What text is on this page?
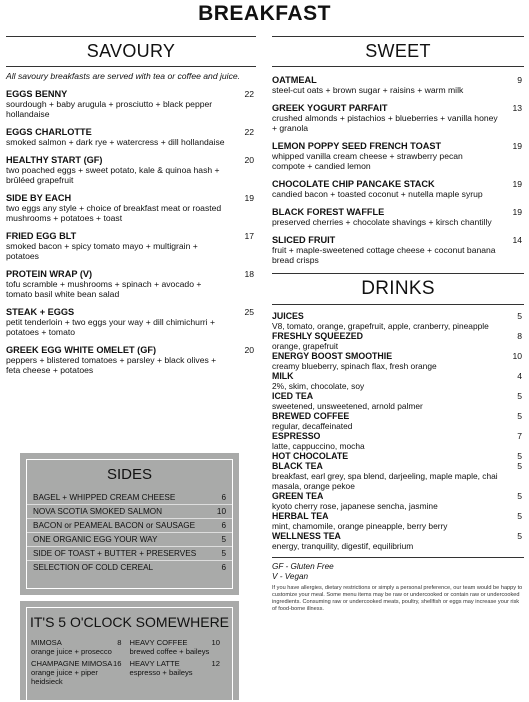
BREAKFAST
SAVOURY
All savoury breakfasts are served with tea or coffee and juice.
EGGS BENNY	22
sourdough + baby arugula + prosciutto + black pepper hollandaise
EGGS CHARLOTTE	22
smoked salmon + dark rye + watercress + dill hollandaise
HEALTHY START (GF)	20
two poached eggs + sweet potato, kale & quinoa hash + brûléed grapefruit
SIDE BY EACH	19
two eggs any style + choice of breakfast meat or roasted mushrooms + potatoes + toast
FRIED EGG BLT	17
smoked bacon + spicy tomato mayo + multigrain + potatoes
PROTEIN WRAP (V)	18
tofu scramble + mushrooms + spinach + avocado + tomato basil white bean salad
STEAK + EGGS	25
petit tenderloin + two eggs your way + dill chimichurri + potatoes + tomato
GREEK EGG WHITE OMELET (GF)	20
peppers + blistered tomatoes + parsley + black olives + feta cheese + potatoes
SIDES
BAGEL + WHIPPED CREAM CHEESE	6
NOVA SCOTIA SMOKED SALMON	10
BACON or PEAMEAL BACON or SAUSAGE	6
ONE ORGANIC EGG YOUR WAY	5
SIDE OF TOAST + BUTTER + PRESERVES	5
SELECTION OF COLD CEREAL	6
IT'S 5 O'CLOCK SOMEWHERE
MIMOSA	8
orange juice + prosecco
CHAMPAGNE MIMOSA 16
orange juice + piper heidsieck
HEAVY COFFEE	10
brewed coffee + baileys
HEAVY LATTE	12
espresso + baileys
SWEET
OATMEAL	9
steel-cut oats + brown sugar + raisins + warm milk
GREEK YOGURT PARFAIT	13
crushed almonds + pistachios + blueberries + vanilla honey + granola
LEMON POPPY SEED FRENCH TOAST	19
whipped vanilla cream cheese + strawberry pecan compote + candied lemon
CHOCOLATE CHIP PANCAKE STACK	19
candied bacon + toasted coconut + nutella maple syrup
BLACK FOREST WAFFLE	19
preserved cherries + chocolate shavings + kirsch chantilly
SLICED FRUIT	14
fruit + maple-sweetened cottage cheese + coconut banana bread crisps
DRINKS
JUICES	5
V8, tomato, orange, grapefruit, apple, cranberry, pineapple
FRESHLY SQUEEZED	8
orange, grapefruit
ENERGY BOOST SMOOTHIE	10
creamy blueberry, spinach flax, fresh orange
MILK	4
2%, skim, chocolate, soy
ICED TEA	5
sweetened, unsweetened, arnold palmer
BREWED COFFEE	5
regular, decaffeinated
ESPRESSO	7
latte, cappuccino, mocha
HOT CHOCOLATE	5
BLACK TEA	5
breakfast, earl grey, spa blend, darjeeling, maple maple, chai masala, orange pekoe
GREEN TEA	5
kyoto cherry rose, japanese sencha, jasmine
HERBAL TEA	5
mint, chamomile, orange pineapple, berry berry
WELLNESS TEA	5
energy, tranquility, digestif, equilibrium
GF - Gluten Free
V - Vegan
If you have allergies, dietary restrictions or simply a personal preference, our team would be happy to customize your meal. Some menu items may be raw or undercooked or contain raw or undercooked ingredients. Consuming raw or undercooked meats, poultry, shellfish or eggs may increase your risk of food-borne illness.
